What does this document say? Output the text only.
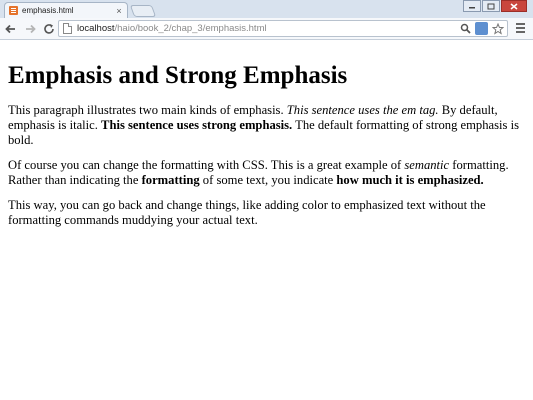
emphasis.html	×
localhost/haio/book_2/chap_3/emphasis.html
Emphasis and Strong Emphasis

This paragraph illustrates two main kinds of emphasis. This sentence uses the em tag. By default, emphasis is italic. This sentence uses strong emphasis. The default formatting of strong emphasis is bold.

Of course you can change the formatting with CSS. This is a great example of semantic formatting. Rather than indicating the formatting of some text, you indicate how much it is emphasized.

This way, you can go back and change things, like adding color to emphasized text without the formatting commands muddying your actual text.
